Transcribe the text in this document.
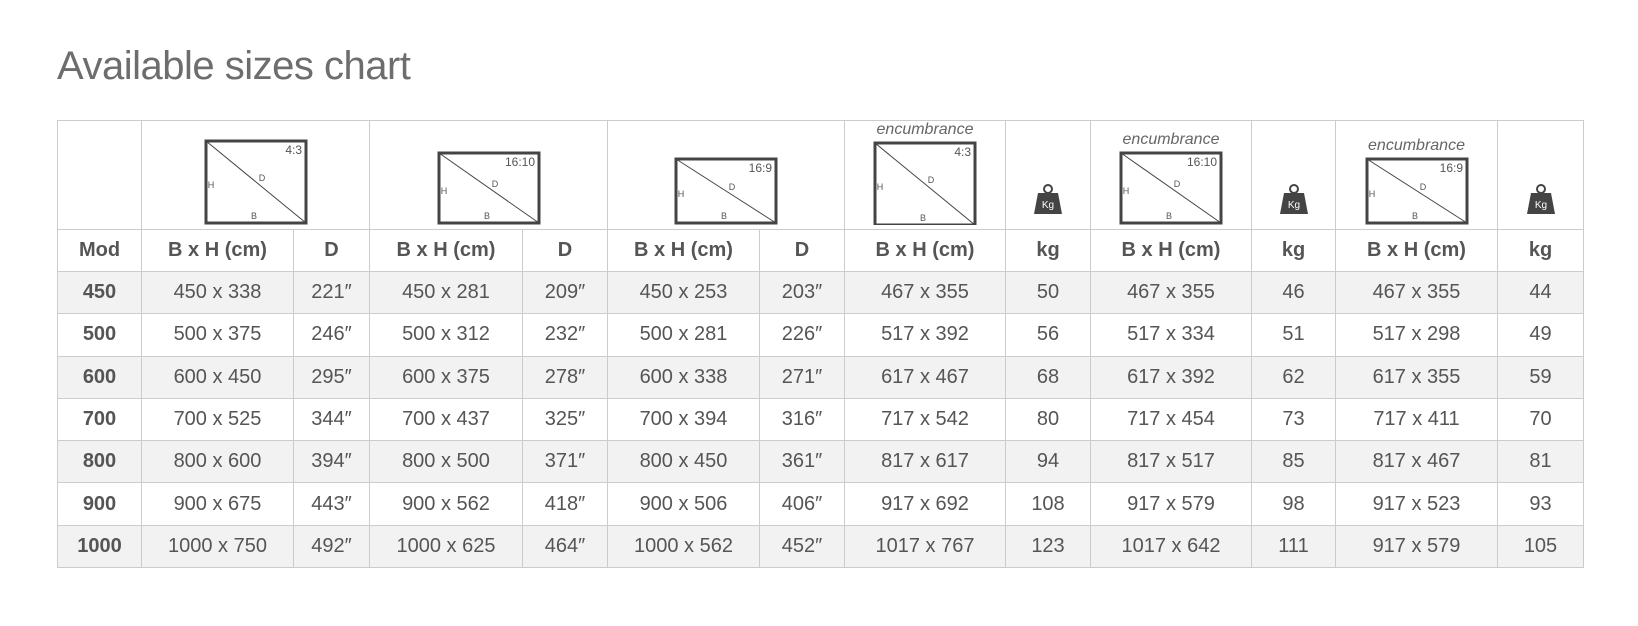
Available sizes chart

4:3
H
D
B		16:10
H
D
B		16:9
H
D
B		encumbrance
4:3
H
D
B	Kg	encumbrance
16:10
H
D
B	Kg	encumbrance
16:9
H
D
B	Kg

Mod	B x H (cm)	D	B x H (cm)	D	B x H (cm)	D	B x H (cm)	kg	B x H (cm)	kg	B x H (cm)	kg
450	450 x 338	221″	450 x 281	209″	450 x 253	203″	467 x 355	50	467 x 355	46	467 x 355	44
500	500 x 375	246″	500 x 312	232″	500 x 281	226″	517 x 392	56	517 x 334	51	517 x 298	49
600	600 x 450	295″	600 x 375	278″	600 x 338	271″	617 x 467	68	617 x 392	62	617 x 355	59
700	700 x 525	344″	700 x 437	325″	700 x 394	316″	717 x 542	80	717 x 454	73	717 x 411	70
800	800 x 600	394″	800 x 500	371″	800 x 450	361″	817 x 617	94	817 x 517	85	817 x 467	81
900	900 x 675	443″	900 x 562	418″	900 x 506	406″	917 x 692	108	917 x 579	98	917 x 523	93
1000	1000 x 750	492″	1000 x 625	464″	1000 x 562	452″	1017 x 767	123	1017 x 642	111	917 x 579	105
